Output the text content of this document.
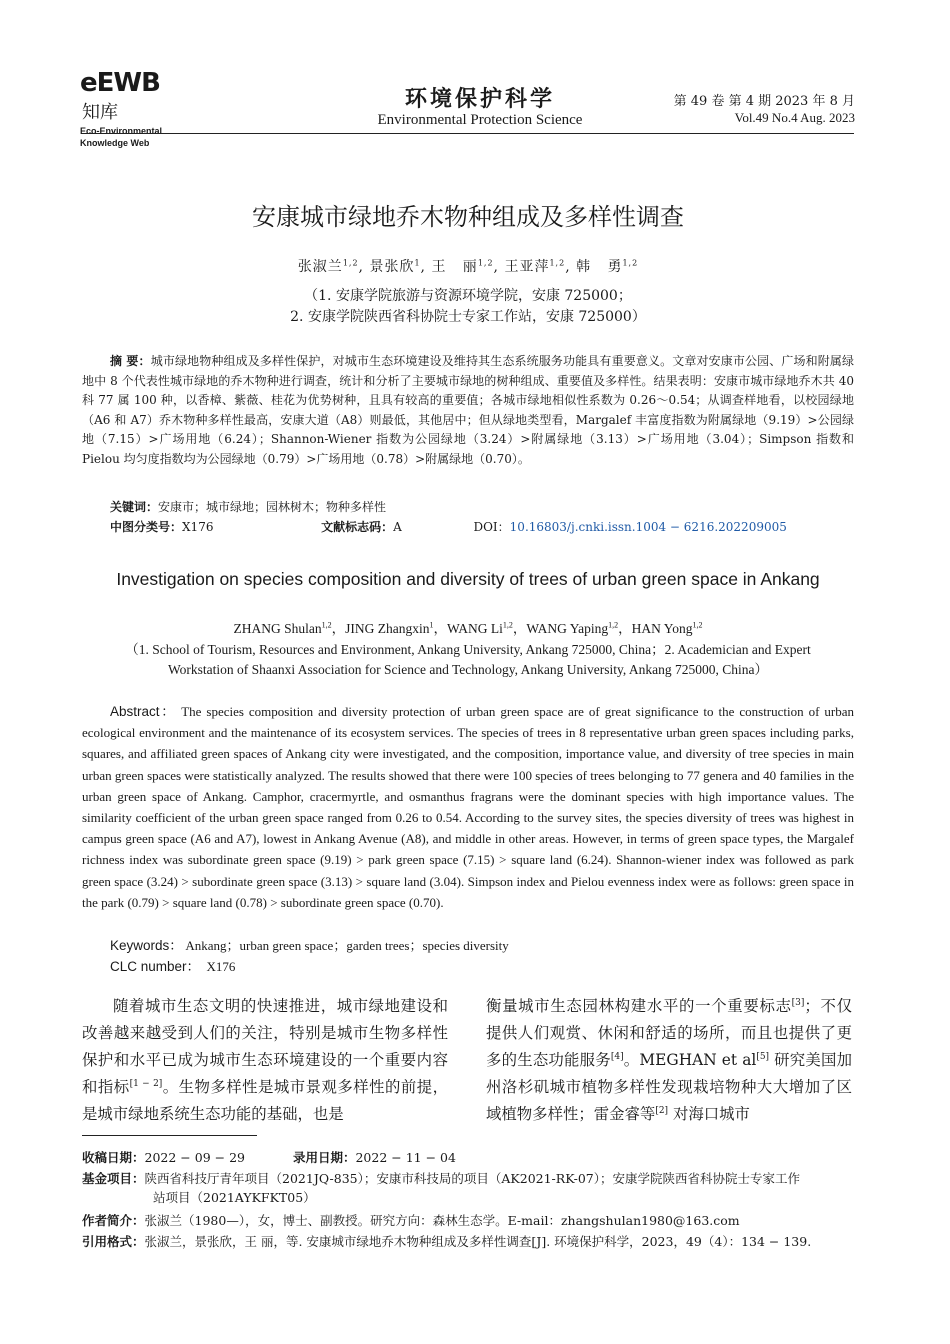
eEWB知库
Eco-Environmental
Knowledge Web
环境保护科学
Environmental Protection Science
第 49 卷 第 4 期 2023 年 8 月
Vol.49 No.4 Aug. 2023
安康城市绿地乔木物种组成及多样性调查
张淑兰$^{1,2}$, 景张欣$^1$, 王   丽$^{1,2}$, 王亚萍$^{1,2}$, 韩   勇$^{1,2}$
（1. 安康学院旅游与资源环境学院，安康 725000；
2. 安康学院陕西省科协院士专家工作站，安康 725000）
摘 要：城市绿地物种组成及多样性保护，对城市生态环境建设及维持其生态系统服务功能具有重要意义。文章对安康市公园、广场和附属绿地中 8 个代表性城市绿地的乔木物种进行调查，统计和分析了主要城市绿地的树种组成、重要值及多样性。结果表明：安康市城市绿地乔木共 40 科 77 属 100 种，以香樟、紫薇、桂花为优势树种，且具有较高的重要值；各城市绿地相似性系数为 0.26～0.54；从调查样地看，以校园绿地（A6 和 A7）乔木物种多样性最高，安康大道（A8）则最低，其他居中；但从绿地类型看，Margalef 丰富度指数为附属绿地（9.19）>公园绿地（7.15）>广场用地（6.24）；Shannon-Wiener 指数为公园绿地（3.24）>附属绿地（3.13）>广场用地（3.04）；Simpson 指数和 Pielou 均匀度指数均为公园绿地（0.79）>广场用地（0.78）>附属绿地（0.70）。
关键词：安康市；城市绿地；园林树木；物种多样性
中图分类号：X176	文献标志码：A	DOI：10.16803/j.cnki.issn.1004 − 6216.202209005
Investigation on species composition and diversity of trees of urban green space in Ankang
ZHANG Shulan$^{1,2}$，JING Zhangxin$^1$，WANG Li$^{1,2}$，WANG Yaping$^{1,2}$，HAN Yong$^{1,2}$
（1. School of Tourism, Resources and Environment, Ankang University, Ankang 725000, China；2. Academician and Expert
Workstation of Shaanxi Association for Science and Technology, Ankang University, Ankang 725000, China）
Abstract： The species composition and diversity protection of urban green space are of great significance to the construction of urban ecological environment and the maintenance of its ecosystem services. The species of trees in 8 representative urban green spaces including parks, squares, and affiliated green spaces of Ankang city were investigated, and the composition, importance value, and diversity of tree species in main urban green spaces were statistically analyzed. The results showed that there were 100 species of trees belonging to 77 genera and 40 families in the urban green space of Ankang. Camphor, cracermyrtle, and osmanthus fragrans were the dominant species with high importance values. The similarity coefficient of the urban green space ranged from 0.26 to 0.54. According to the survey sites, the species diversity of trees was highest in campus green space (A6 and A7), lowest in Ankang Avenue (A8), and middle in other areas. However, in terms of green space types, the Margalef richness index was subordinate green space (9.19) > park green space (7.15) > square land (6.24). Shannon-wiener index was followed as park green space (3.24) > subordinate green space (3.13) > square land (3.04). Simpson index and Pielou evenness index were as follows: green space in the park (0.79) > square land (0.78) > subordinate green space (0.70).
Keywords： Ankang；urban green space；garden trees；species diversity
CLC number： X176
随着城市生态文明的快速推进，城市绿地建设和改善越来越受到人们的关注，特别是城市生物多样性保护和水平已成为城市生态环境建设的一个重要内容和指标[1 − 2]。生物多样性是城市景观多样性的前提，是城市绿地系统生态功能的基础，也是
衡量城市生态园林构建水平的一个重要标志[3]；不仅提供人们观赏、休闲和舒适的场所，而且也提供了更多的生态功能服务[4]。MEGHAN et al[5] 研究美国加州洛杉矶城市植物多样性发现栽培物种大大增加了区域植物多样性；雷金睿等[2] 对海口城市
收稿日期：2022 − 09 − 29	录用日期：2022 − 11 − 04
基金项目：陕西省科技厅青年项目（2021JQ-835）；安康市科技局的项目（AK2021-RK-07）；安康学院陕西省科协院士专家工作
站项目（2021AYKFKT05）
作者简介：张淑兰（1980—），女，博士、副教授。研究方向：森林生态学。E-mail：zhangshulan1980@163.com
引用格式：张淑兰，景张欣，王 丽，等. 安康城市绿地乔木物种组成及多样性调查[J]. 环境保护科学，2023，49（4）：134 − 139.
